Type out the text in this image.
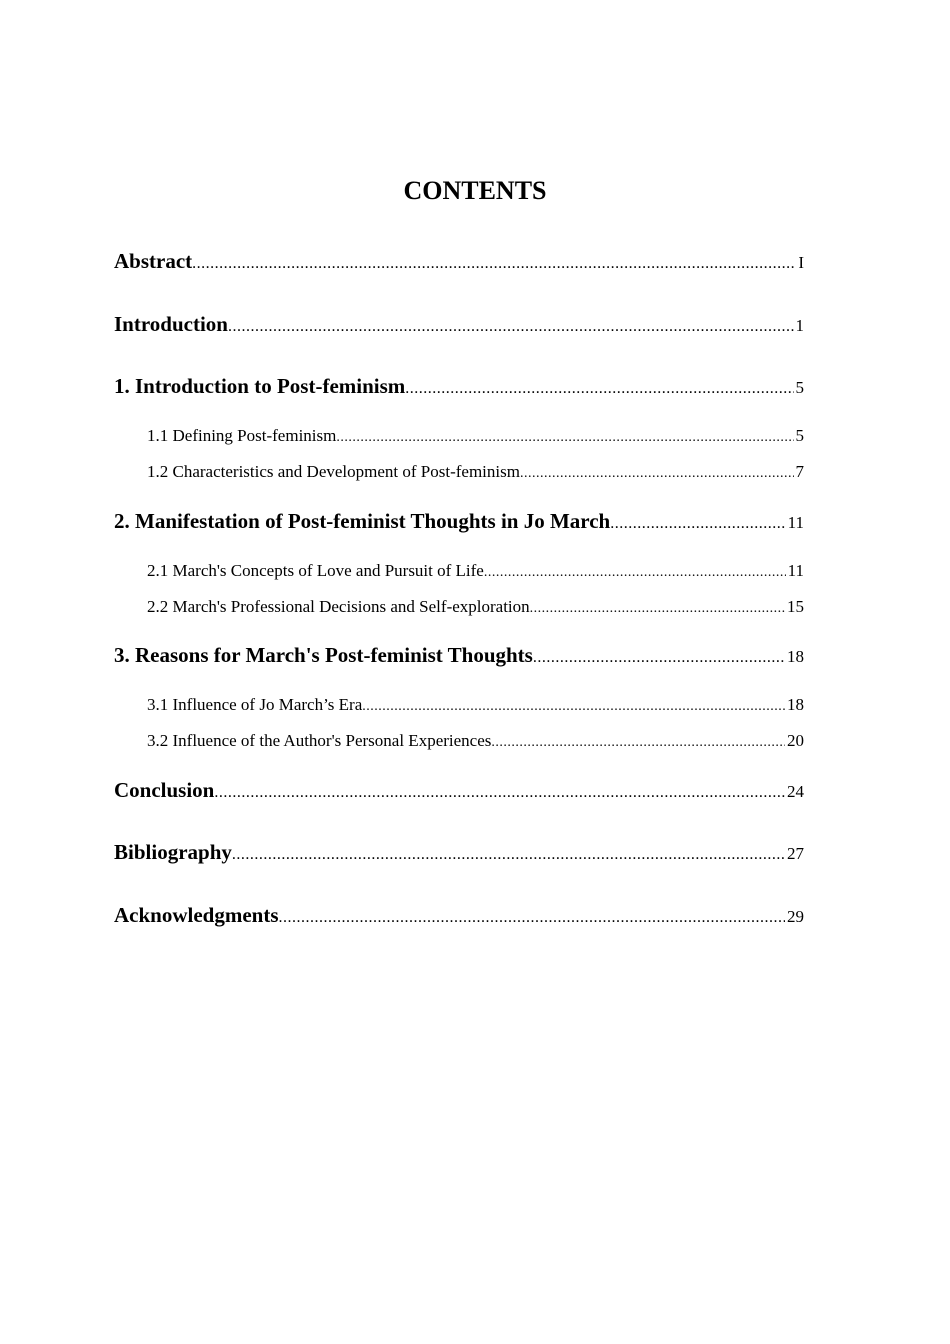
CONTENTS
Abstract .....	I
Introduction .....	1
1. Introduction to Post-feminism .....	5
1.1 Defining Post-feminism .....	5
1.2 Characteristics and Development of Post-feminism .....	7
2. Manifestation of Post-feminist Thoughts in Jo March .....	11
2.1 March's Concepts of Love and Pursuit of Life .....	11
2.2 March's Professional Decisions and Self-exploration .....	15
3. Reasons for March's Post-feminist Thoughts .....	18
3.1 Influence of Jo March’s Era .....	18
3.2 Influence of the Author's Personal Experiences .....	20
Conclusion .....	24
Bibliography .....	27
Acknowledgments .....	29
